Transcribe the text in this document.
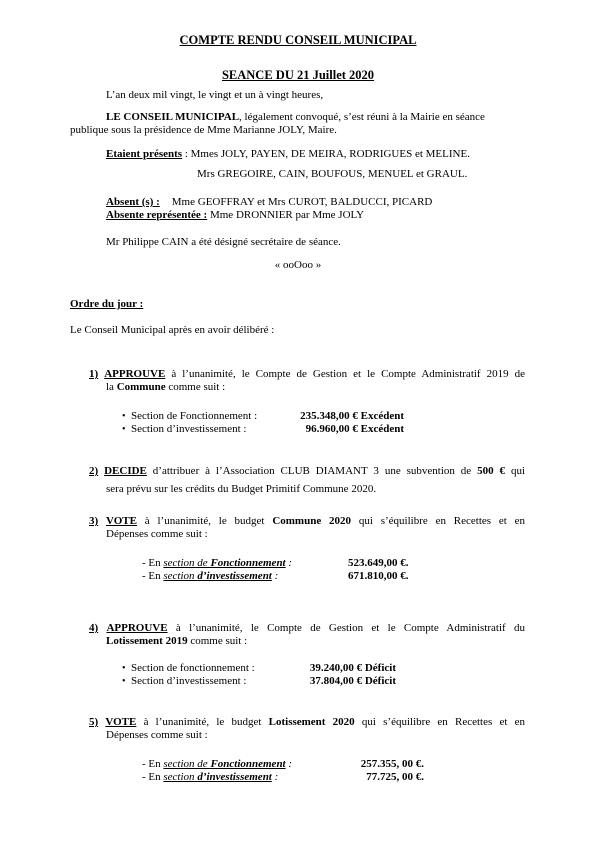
COMPTE RENDU CONSEIL MUNICIPAL
SEANCE DU 21 Juillet 2020
L’an deux mil vingt, le vingt et un à vingt heures,
LE CONSEIL MUNICIPAL, légalement convoqué, s’est réuni à la Mairie en séance
publique sous la présidence de Mme Marianne JOLY, Maire.
Etaient présents : Mmes JOLY, PAYEN, DE MEIRA, RODRIGUES et MELINE.
Mrs GREGOIRE, CAIN, BOUFOUS, MENUEL et GRAUL.
Absent (s) : Mme GEOFFRAY et Mrs CUROT, BALDUCCI, PICARD
Absente représentée : Mme DRONNIER par Mme JOLY
Mr Philippe CAIN a été désigné secrétaire de séance.
« ooOoo »
Ordre du jour :
Le Conseil Municipal après en avoir délibéré :
1) APPROUVE à l’unanimité, le Compte de Gestion et le Compte Administratif 2019 de
la Commune comme suit :
• Section de Fonctionnement :	235.348,00 € Excédent
• Section d’investissement :	96.960,00 € Excédent
2) DECIDE d’attribuer à l’Association CLUB DIAMANT 3 une subvention de 500 € qui
sera prévu sur les crédits du Budget Primitif Commune 2020.
3) VOTE à l’unanimité, le budget Commune 2020 qui s’équilibre en Recettes et en
Dépenses comme suit :
- En section de Fonctionnement :	523.649,00 €.
- En section d’investissement :	671.810,00 €.
4) APPROUVE à l’unanimité, le Compte de Gestion et le Compte Administratif du
Lotissement 2019 comme suit :
• Section de fonctionnement :	39.240,00 € Déficit
• Section d’investissement :	37.804,00 € Déficit
5) VOTE à l’unanimité, le budget Lotissement 2020 qui s’équilibre en Recettes et en
Dépenses comme suit :
- En section de Fonctionnement :	257.355, 00 €.
- En section d’investissement :	77.725, 00 €.
